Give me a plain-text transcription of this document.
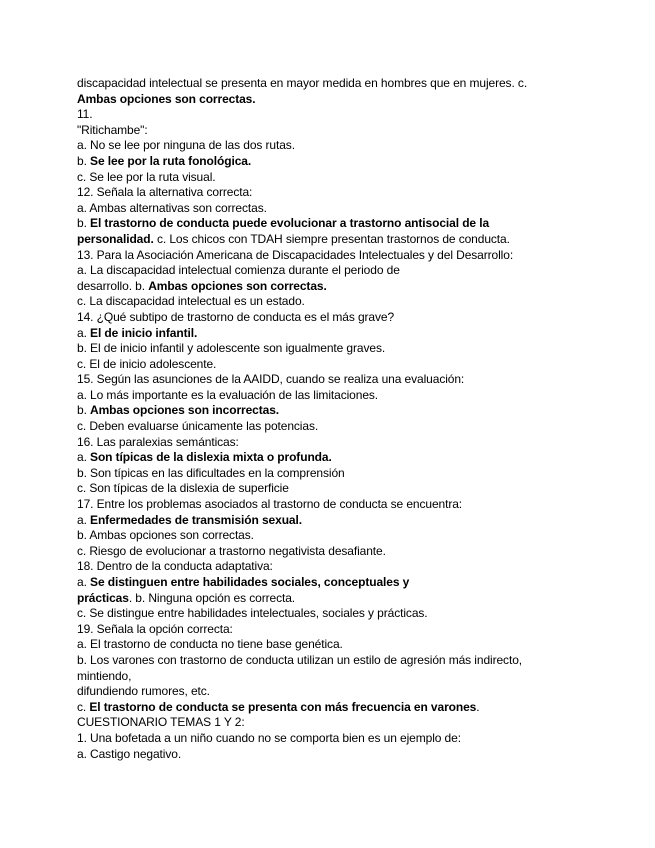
discapacidad intelectual se presenta en mayor medida en hombres que en mujeres. c.
Ambas opciones son correctas.
11.
"Ritichambe":
a. No se lee por ninguna de las dos rutas.
b. Se lee por la ruta fonológica.
c. Se lee por la ruta visual.
12. Señala la alternativa correcta:
a. Ambas alternativas son correctas.
b. El trastorno de conducta puede evolucionar a trastorno antisocial de la
personalidad. c. Los chicos con TDAH siempre presentan trastornos de conducta.
13. Para la Asociación Americana de Discapacidades Intelectuales y del Desarrollo:
a. La discapacidad intelectual comienza durante el periodo de
desarrollo. b. Ambas opciones son correctas.
c. La discapacidad intelectual es un estado.
14. ¿Qué subtipo de trastorno de conducta es el más grave?
a. El de inicio infantil.
b. El de inicio infantil y adolescente son igualmente graves.
c. El de inicio adolescente.
15. Según las asunciones de la AAIDD, cuando se realiza una evaluación:
a. Lo más importante es la evaluación de las limitaciones.
b. Ambas opciones son incorrectas.
c. Deben evaluarse únicamente las potencias.
16. Las paralexias semánticas:
a. Son típicas de la dislexia mixta o profunda.
b. Son típicas en las dificultades en la comprensión
c. Son típicas de la dislexia de superficie
17. Entre los problemas asociados al trastorno de conducta se encuentra:
a. Enfermedades de transmisión sexual.
b. Ambas opciones son correctas.
c. Riesgo de evolucionar a trastorno negativista desafiante.
18. Dentro de la conducta adaptativa:
a. Se distinguen entre habilidades sociales, conceptuales y
prácticas. b. Ninguna opción es correcta.
c. Se distingue entre habilidades intelectuales, sociales y prácticas.
19. Señala la opción correcta:
a. El trastorno de conducta no tiene base genética.
b. Los varones con trastorno de conducta utilizan un estilo de agresión más indirecto,
mintiendo,
difundiendo rumores, etc.
c. El trastorno de conducta se presenta con más frecuencia en varones.
CUESTIONARIO TEMAS 1 Y 2:
1. Una bofetada a un niño cuando no se comporta bien es un ejemplo de:
a. Castigo negativo.
